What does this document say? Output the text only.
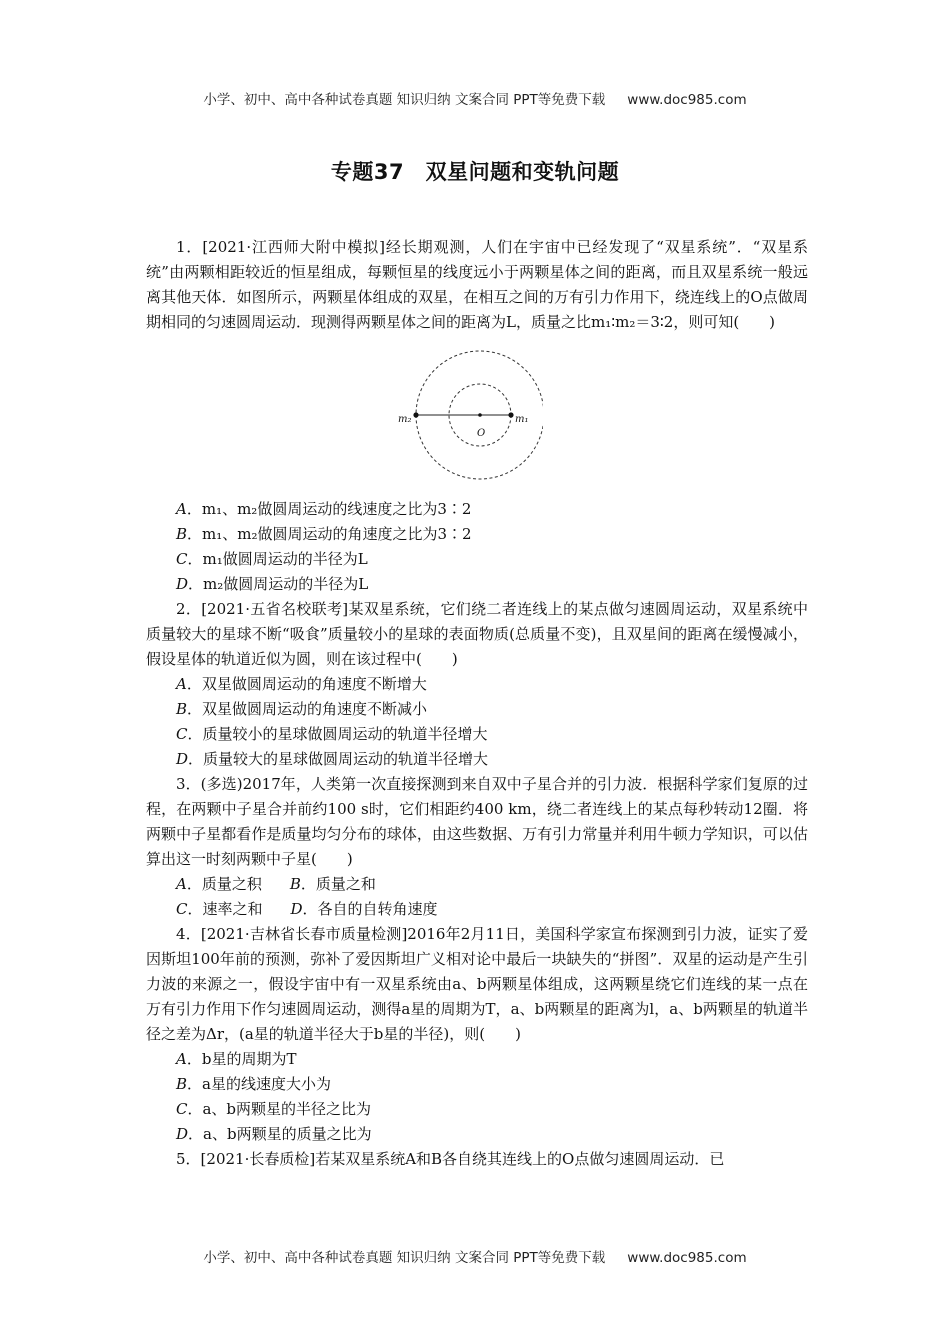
小学、初中、高中各种试卷真题 知识归纳 文案合同 PPT等免费下载 www.doc985.com
专题37　双星问题和变轨问题

1．[2021·江西师大附中模拟]经长期观测，人们在宇宙中已经发现了“双星系统”．“双星系统”由两颗相距较近的恒星组成，每颗恒星的线度远小于两颗星体之间的距离，而且双星系统一般远离其他天体．如图所示，两颗星体组成的双星，在相互之间的万有引力作用下，绕连线上的O点做周期相同的匀速圆周运动．现测得两颗星体之间的距离为L，质量之比m₁∶m₂＝3∶2，则可知(　　)

m₂
O
m₁

A．m₁、m₂做圆周运动的线速度之比为3∶2

B．m₁、m₂做圆周运动的角速度之比为3∶2

C．m₁做圆周运动的半径为L

D．m₂做圆周运动的半径为L

2．[2021·五省名校联考]某双星系统，它们绕二者连线上的某点做匀速圆周运动，双星系统中质量较大的星球不断“吸食”质量较小的星球的表面物质(总质量不变)，且双星间的距离在缓慢减小，假设星体的轨道近似为圆，则在该过程中(　　)

A．双星做圆周运动的角速度不断增大

B．双星做圆周运动的角速度不断减小

C．质量较小的星球做圆周运动的轨道半径增大

D．质量较大的星球做圆周运动的轨道半径增大

3．(多选)2017年，人类第一次直接探测到来自双中子星合并的引力波．根据科学家们复原的过程，在两颗中子星合并前约100 s时，它们相距约400 km，绕二者连线上的某点每秒转动12圈．将两颗中子星都看作是质量均匀分布的球体，由这些数据、万有引力常量并利用牛顿力学知识，可以估算出这一时刻两颗中子星(　　)

A．质量之积 B．质量之和

C．速率之和 D．各自的自转角速度

4．[2021·吉林省长春市质量检测]2016年2月11日，美国科学家宣布探测到引力波，证实了爱因斯坦100年前的预测，弥补了爱因斯坦广义相对论中最后一块缺失的“拼图”．双星的运动是产生引力波的来源之一，假设宇宙中有一双星系统由a、b两颗星体组成，这两颗星绕它们连线的某一点在万有引力作用下作匀速圆周运动，测得a星的周期为T，a、b两颗星的距离为l，a、b两颗星的轨道半径之差为Δr，(a星的轨道半径大于b星的半径)，则(　　)

A．b星的周期为T

B．a星的线速度大小为

C．a、b两颗星的半径之比为

D．a、b两颗星的质量之比为

5．[2021·长春质检]若某双星系统A和B各自绕其连线上的O点做匀速圆周运动．已

小学、初中、高中各种试卷真题 知识归纳 文案合同 PPT等免费下载 www.doc985.com
